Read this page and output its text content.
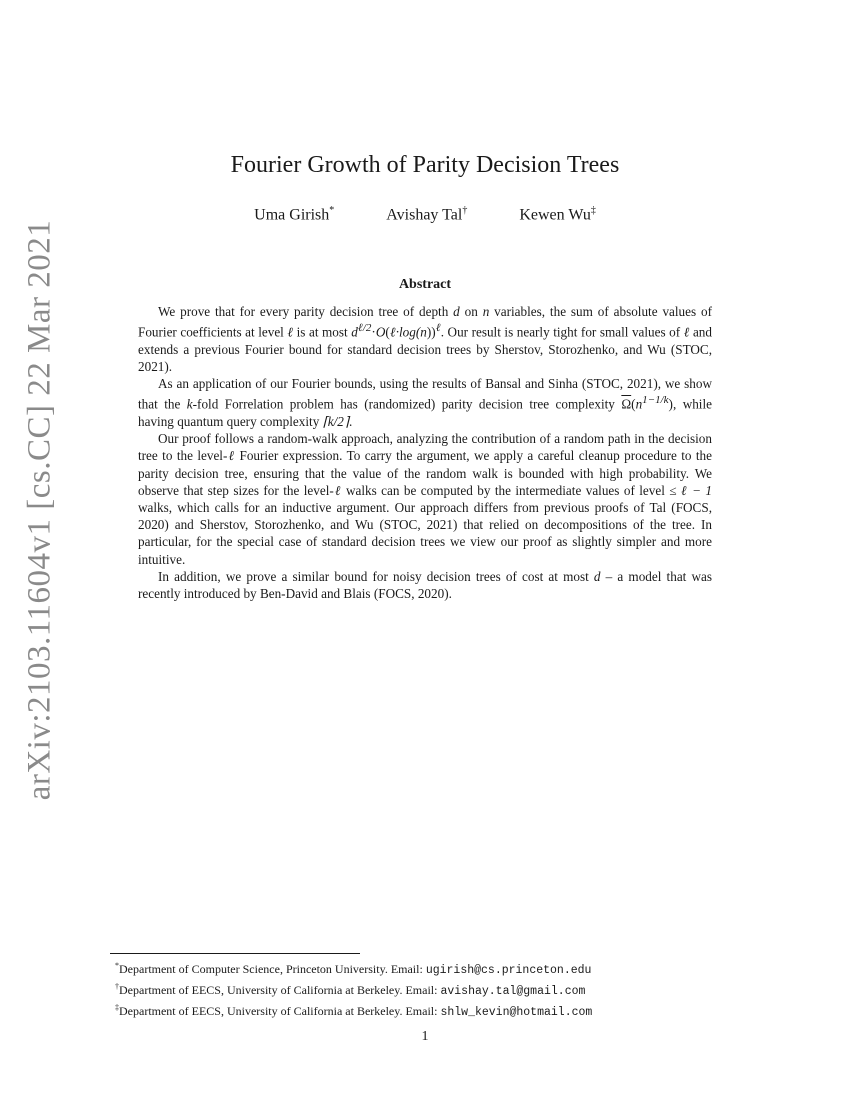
arXiv:2103.11604v1 [cs.CC] 22 Mar 2021
Fourier Growth of Parity Decision Trees
Uma Girish*	Avishay Tal†	Kewen Wu‡
Abstract

We prove that for every parity decision tree of depth d on n variables, the sum of absolute values of Fourier coefficients at level ℓ is at most $d^{\ell/2}\cdot O(\ell\cdot\log(n))^\ell$. Our result is nearly tight for small values of ℓ and extends a previous Fourier bound for standard decision trees by Sherstov, Storozhenko, and Wu (STOC, 2021).

As an application of our Fourier bounds, using the results of Bansal and Sinha (STOC, 2021), we show that the k-fold Forrelation problem has (randomized) parity decision tree complexity $\overline{\Omega}(n^{1-1/k})$, while having quantum query complexity ⌈k/2⌉.

Our proof follows a random-walk approach, analyzing the contribution of a random path in the decision tree to the level-ℓ Fourier expression. To carry the argument, we apply a careful cleanup procedure to the parity decision tree, ensuring that the value of the random walk is bounded with high probability. We observe that step sizes for the level-ℓ walks can be computed by the intermediate values of level ≤ ℓ − 1 walks, which calls for an inductive argument. Our approach differs from previous proofs of Tal (FOCS, 2020) and Sherstov, Storozhenko, and Wu (STOC, 2021) that relied on decompositions of the tree. In particular, for the special case of standard decision trees we view our proof as slightly simpler and more intuitive.

In addition, we prove a similar bound for noisy decision trees of cost at most d – a model that was recently introduced by Ben-David and Blais (FOCS, 2020).

*Department of Computer Science, Princeton University. Email: ugirish@cs.princeton.edu
†Department of EECS, University of California at Berkeley. Email: avishay.tal@gmail.com
‡Department of EECS, University of California at Berkeley. Email: shlw_kevin@hotmail.com
1
